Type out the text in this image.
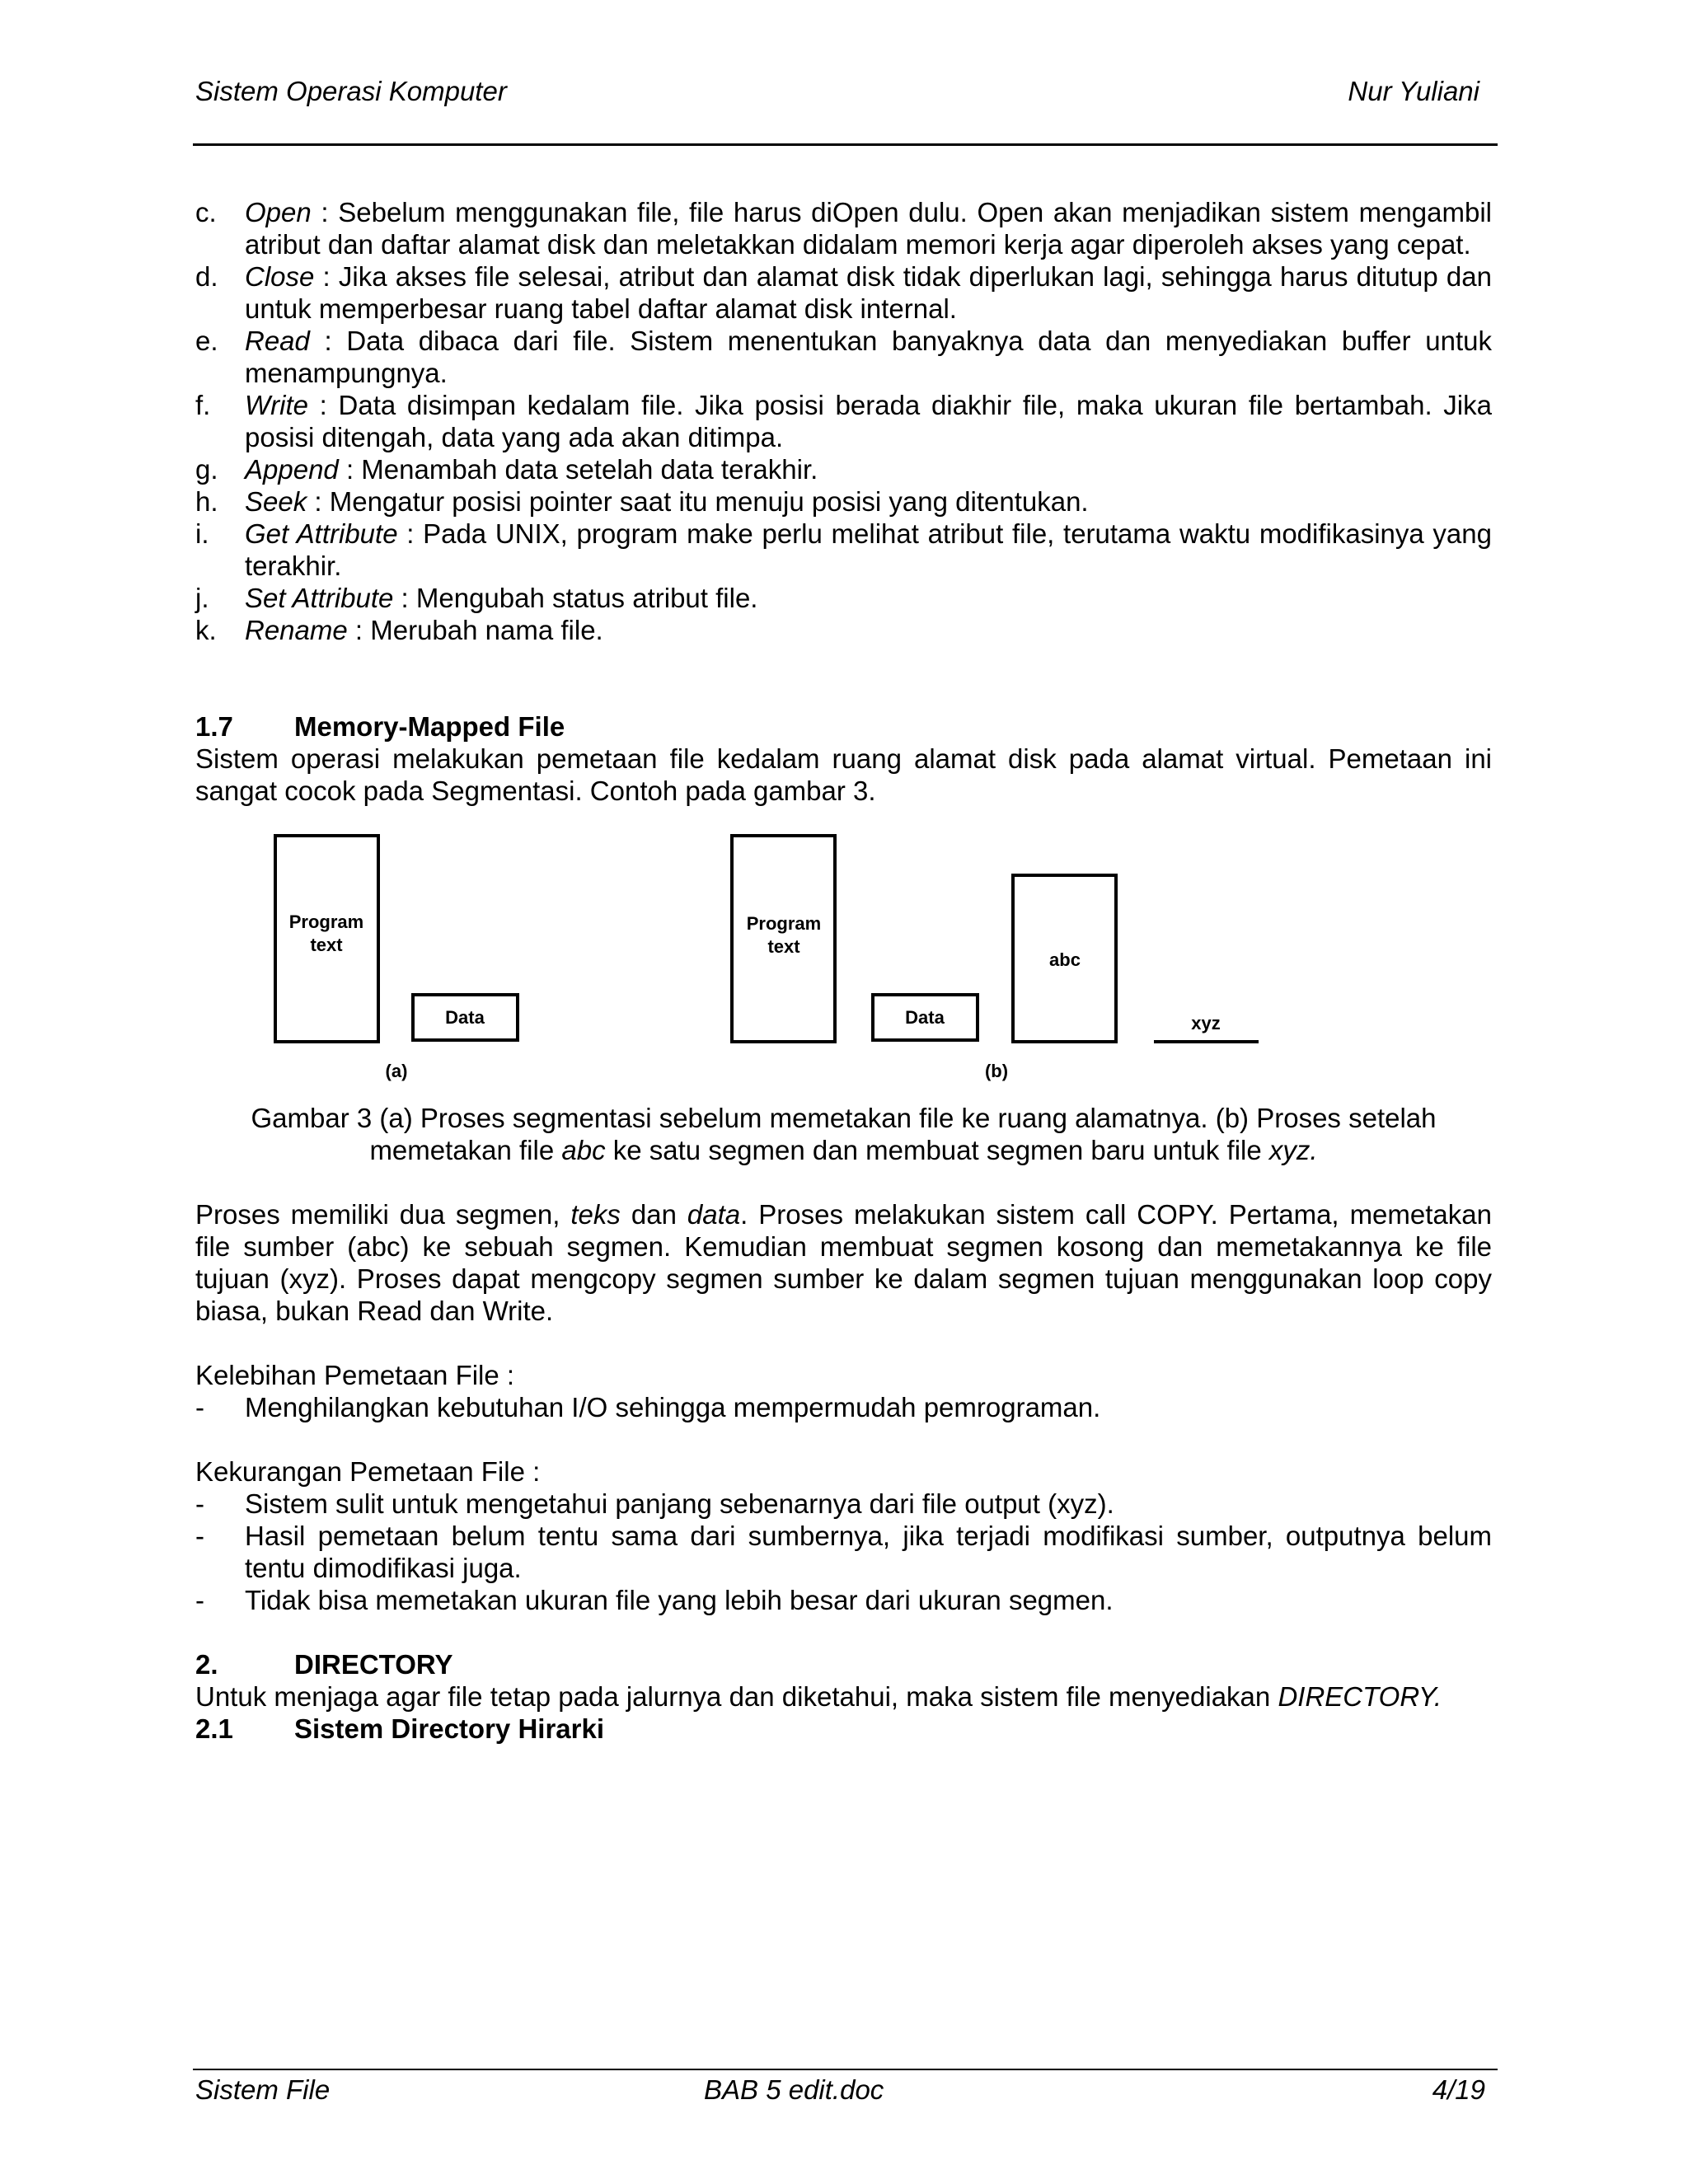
Sistem Operasi Komputer	Nur Yuliani
c.	Open : Sebelum menggunakan file, file harus diOpen dulu. Open akan menjadikan sistem mengambil atribut dan daftar alamat disk dan meletakkan didalam memori kerja agar diperoleh akses yang cepat.
d. Close : Jika akses file selesai, atribut dan alamat disk tidak diperlukan lagi, sehingga harus ditutup dan untuk memperbesar ruang tabel daftar alamat disk internal.
e. Read : Data dibaca dari file. Sistem menentukan banyaknya data dan menyediakan buffer untuk menampungnya.
f.	Write : Data disimpan kedalam file. Jika posisi berada diakhir file, maka ukuran file bertambah. Jika posisi ditengah, data yang ada akan ditimpa.
g. Append : Menambah data setelah data terakhir.
h. Seek : Mengatur posisi pointer saat itu menuju posisi yang ditentukan.
i.	Get Attribute : Pada UNIX, program make perlu melihat atribut file, terutama waktu modifikasinya yang terakhir.
j.	Set Attribute : Mengubah status atribut file.
k.	Rename : Merubah nama file.
1.7	Memory-Mapped File

Sistem operasi melakukan pemetaan file kedalam ruang alamat disk pada alamat virtual. Pemetaan ini sangat cocok pada Segmentasi. Contoh pada gambar 3.

Program
text
Data
(a)
Program
text
Data
abc
xyz
(b)

Gambar 3 (a) Proses segmentasi sebelum memetakan file ke ruang alamatnya. (b) Proses setelah memetakan file abc ke satu segmen dan membuat segmen baru untuk file xyz.

Proses memiliki dua segmen, teks dan data. Proses melakukan sistem call COPY. Pertama, memetakan file sumber (abc) ke sebuah segmen. Kemudian membuat segmen kosong dan memetakannya ke file tujuan (xyz). Proses dapat mengcopy segmen sumber ke dalam segmen tujuan menggunakan loop copy biasa, bukan Read dan Write.

Kelebihan Pemetaan File :

-	Menghilangkan kebutuhan I/O sehingga mempermudah pemrograman.

Kekurangan Pemetaan File :

-	Sistem sulit untuk mengetahui panjang sebenarnya dari file output (xyz).
-	Hasil pemetaan belum tentu sama dari sumbernya, jika terjadi modifikasi sumber, outputnya belum tentu dimodifikasi juga.
-	Tidak bisa memetakan ukuran file yang lebih besar dari ukuran segmen.
2.	DIRECTORY

Untuk menjaga agar file tetap pada jalurnya dan diketahui, maka sistem file menyediakan DIRECTORY.

2.1	Sistem Directory Hirarki
Sistem File	BAB 5 edit.doc	4/19
